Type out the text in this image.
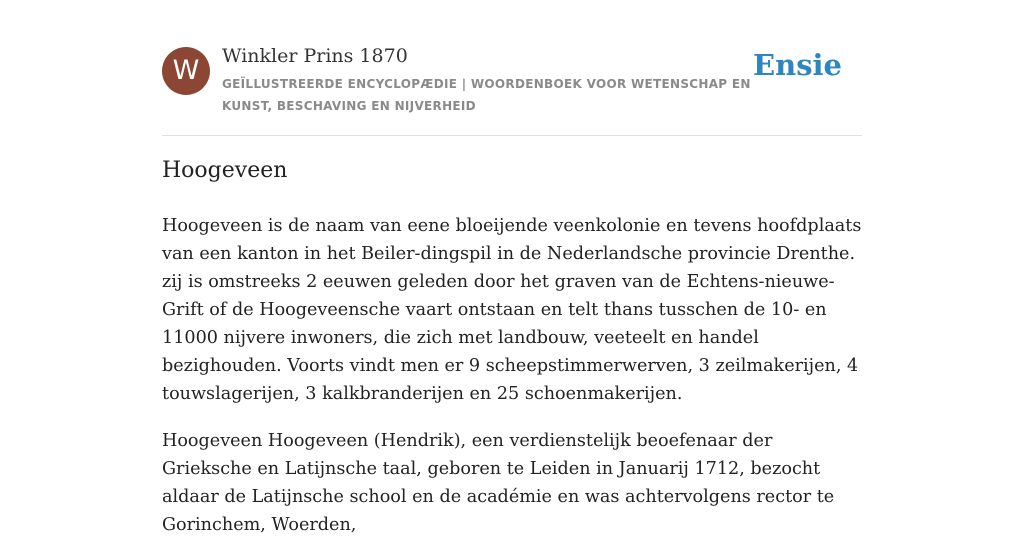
W	Winkler Prins 1870
GEÏLLUSTREERDE ENCYCLOPÆDIE | WOORDENBOEK VOOR WETENSCHAP EN KUNST, BESCHAVING EN NIJVERHEID
Ensie
Hoogeveen

Hoogeveen is de naam van eene bloeijende veenkolonie en tevens hoofdplaats van een kanton in het Beiler-dingspil in de Nederlandsche provincie Drenthe. zij is omstreeks 2 eeuwen geleden door het graven van de Echtens-nieuwe-Grift of de Hoogeveensche vaart ontstaan en telt thans tusschen de 10- en 11000 nijvere inwoners, die zich met landbouw, veeteelt en handel bezighouden. Voorts vindt men er 9 scheepstimmerwerven, 3 zeilmakerijen, 4 touwslagerijen, 3 kalkbranderijen en 25 schoenmakerijen.

Hoogeveen Hoogeveen (Hendrik), een verdienstelijk beoefenaar der Grieksche en Latijnsche taal, geboren te Leiden in Januarij 1712, bezocht aldaar de Latijnsche school en de académie en was achtervolgens rector te Gorinchem, Woerden,
